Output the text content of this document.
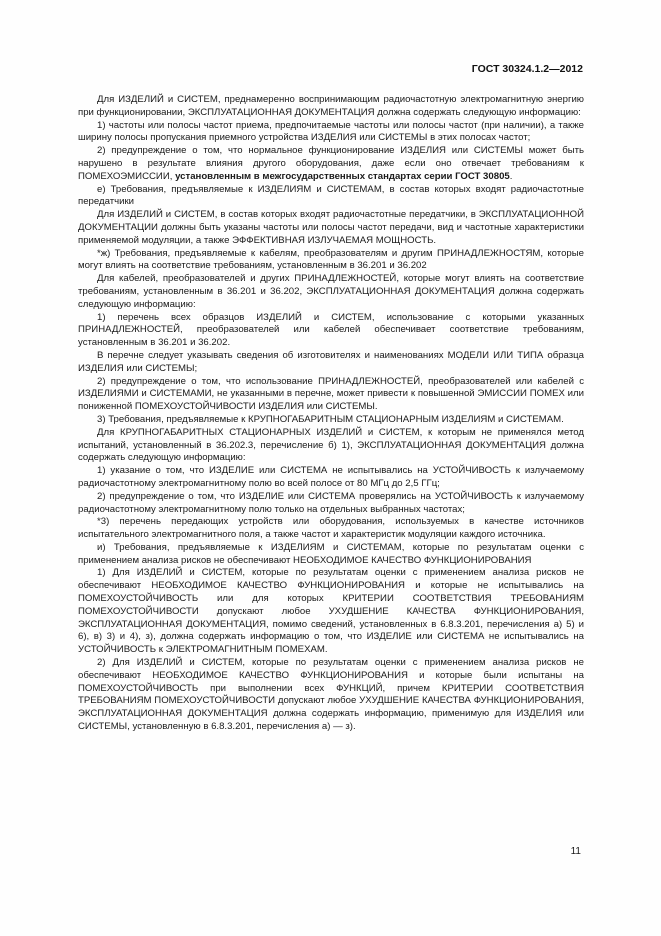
ГОСТ 30324.1.2—2012

Для ИЗДЕЛИЙ и СИСТЕМ, преднамеренно воспринимающим радиочастотную электромагнитную энергию при функционировании, ЭКСПЛУАТАЦИОННАЯ ДОКУМЕНТАЦИЯ должна содержать следующую информацию:

1) частоты или полосы частот приема, предпочитаемые частоты или полосы частот (при наличии), а также ширину полосы пропускания приемного устройства ИЗДЕЛИЯ или СИСТЕМЫ в этих полосах частот;

2) предупреждение о том, что нормальное функционирование ИЗДЕЛИЯ или СИСТЕМЫ может быть нарушено в результате влияния другого оборудования, даже если оно отвечает требованиям к ПОМЕХОЭМИССИИ, установленным в межгосударственных стандартах серии ГОСТ 30805.

е) Требования, предъявляемые к ИЗДЕЛИЯМ и СИСТЕМАМ, в состав которых входят радиочастотные передатчики

Для ИЗДЕЛИЙ и СИСТЕМ, в состав которых входят радиочастотные передатчики, в ЭКСПЛУАТАЦИОННОЙ ДОКУМЕНТАЦИИ должны быть указаны частоты или полосы частот передачи, вид и частотные характеристики применяемой модуляции, а также ЭФФЕКТИВНАЯ ИЗЛУЧАЕМАЯ МОЩНОСТЬ.

*ж) Требования, предъявляемые к кабелям, преобразователям и другим ПРИНАДЛЕЖНОСТЯМ, которые могут влиять на соответствие требованиям, установленным в 36.201 и 36.202

Для кабелей, преобразователей и других ПРИНАДЛЕЖНОСТЕЙ, которые могут влиять на соответствие требованиям, установленным в 36.201 и 36.202, ЭКСПЛУАТАЦИОННАЯ ДОКУМЕНТАЦИЯ должна содержать следующую информацию:

1) перечень всех образцов ИЗДЕЛИЙ и СИСТЕМ, использование с которыми указанных ПРИНАДЛЕЖНОСТЕЙ, преобразователей или кабелей обеспечивает соответствие требованиям, установленным в 36.201 и 36.202.

В перечне следует указывать сведения об изготовителях и наименованиях МОДЕЛИ ИЛИ ТИПА образца ИЗДЕЛИЯ или СИСТЕМЫ;

2) предупреждение о том, что использование ПРИНАДЛЕЖНОСТЕЙ, преобразователей или кабелей с ИЗДЕЛИЯМИ и СИСТЕМАМИ, не указанными в перечне, может привести к повышенной ЭМИССИИ ПОМЕХ или пониженной ПОМЕХОУСТОЙЧИВОСТИ ИЗДЕЛИЯ или СИСТЕМЫ.

3) Требования, предъявляемые к КРУПНОГАБАРИТНЫМ СТАЦИОНАРНЫМ ИЗДЕЛИЯМ и СИСТЕМАМ.

Для КРУПНОГАБАРИТНЫХ СТАЦИОНАРНЫХ ИЗДЕЛИЙ и СИСТЕМ, к которым не применялся метод испытаний, установленный в 36.202.3, перечисление б) 1), ЭКСПЛУАТАЦИОННАЯ ДОКУМЕНТАЦИЯ должна содержать следующую информацию:

1) указание о том, что ИЗДЕЛИЕ или СИСТЕМА не испытывались на УСТОЙЧИВОСТЬ к излучаемому радиочастотному электромагнитному полю во всей полосе от 80 МГц до 2,5 ГГц;

2) предупреждение о том, что ИЗДЕЛИЕ или СИСТЕМА проверялись на УСТОЙЧИВОСТЬ к излучаемому радиочастотному электромагнитному полю только на отдельных выбранных частотах;

*3) перечень передающих устройств или оборудования, используемых в качестве источников испытательного электромагнитного поля, а также частот и характеристик модуляции каждого источника.

и) Требования, предъявляемые к ИЗДЕЛИЯМ и СИСТЕМАМ, которые по результатам оценки с применением анализа рисков не обеспечивают НЕОБХОДИМОЕ КАЧЕСТВО ФУНКЦИОНИРОВАНИЯ

1) Для ИЗДЕЛИЙ и СИСТЕМ, которые по результатам оценки с применением анализа рисков не обеспечивают НЕОБХОДИМОЕ КАЧЕСТВО ФУНКЦИОНИРОВАНИЯ и которые не испытывались на ПОМЕХОУСТОЙЧИВОСТЬ или для которых КРИТЕРИИ СООТВЕТСТВИЯ ТРЕБОВАНИЯМ ПОМЕХОУСТОЙЧИВОСТИ допускают любое УХУДШЕНИЕ КАЧЕСТВА ФУНКЦИОНИРОВАНИЯ, ЭКСПЛУАТАЦИОННАЯ ДОКУМЕНТАЦИЯ, помимо сведений, установленных в 6.8.3.201, перечисления а) 5) и 6), в) 3) и 4), з), должна содержать информацию о том, что ИЗДЕЛИЕ или СИСТЕМА не испытывались на УСТОЙЧИВОСТЬ к ЭЛЕКТРОМАГНИТНЫМ ПОМЕХАМ.

2) Для ИЗДЕЛИЙ и СИСТЕМ, которые по результатам оценки с применением анализа рисков не обеспечивают НЕОБХОДИМОЕ КАЧЕСТВО ФУНКЦИОНИРОВАНИЯ и которые были испытаны на ПОМЕХОУСТОЙЧИВОСТЬ при выполнении всех ФУНКЦИЙ, причем КРИТЕРИИ СООТВЕТСТВИЯ ТРЕБОВАНИЯМ ПОМЕХОУСТОЙЧИВОСТИ допускают любое УХУДШЕНИЕ КАЧЕСТВА ФУНКЦИОНИРОВАНИЯ, ЭКСПЛУАТАЦИОННАЯ ДОКУМЕНТАЦИЯ должна содержать информацию, применимую для ИЗДЕЛИЯ или СИСТЕМЫ, установленную в 6.8.3.201, перечисления а) — з).

11
